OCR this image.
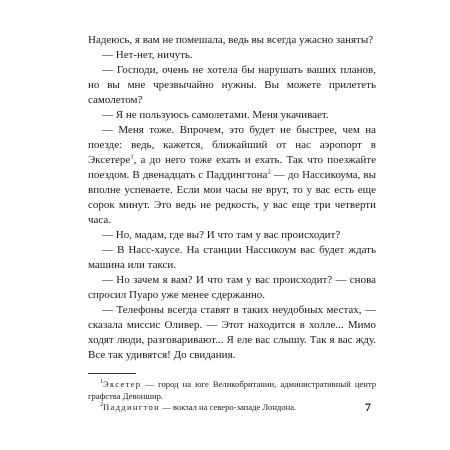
Надеюсь, я вам не помешала, ведь вы всегда ужасно заняты?

— Нет-нет, ничуть.

— Господи, очень не хотела бы нарушать ваших планов, но вы мне чрезвычайно нужны. Вы можете прилететь самолетом?

— Я не пользуюсь самолетами. Меня укачивает.

— Меня тоже. Впрочем, это будет не быстрее, чем на поезде: ведь, кажется, ближайший от нас аэропорт в Эксетере$^1$, а до него тоже ехать и ехать. Так что поезжайте поездом. В двенадцать с Паддингтона$^2$ — до Нассикоума, вы вполне успеваете. Если мои часы не врут, то у вас есть еще сорок минут. Это ведь не редкость, у вас еще три четверти часа.

— Но, мадам, где вы? И что там у вас происходит?

— В Насс-хаусе. На станции Нассикоум вас будет ждать машина или такси.

— Но зачем я вам? И что там у вас происходит? — снова спросил Пуаро уже менее сдержанно.

— Телефоны всегда ставят в таких неудобных местах, — сказала миссис Оливер. — Этот находится в холле... Мимо ходят люди, разговаривают... Я еле вас слышу. Так я вас жду. Все так удивятся! До свидания.

$^1$Эксетер — город на юге Великобритании, административный центр графства Девоншир.

$^2$Паддингтон — вокзал на северо-западе Лондона.	7
